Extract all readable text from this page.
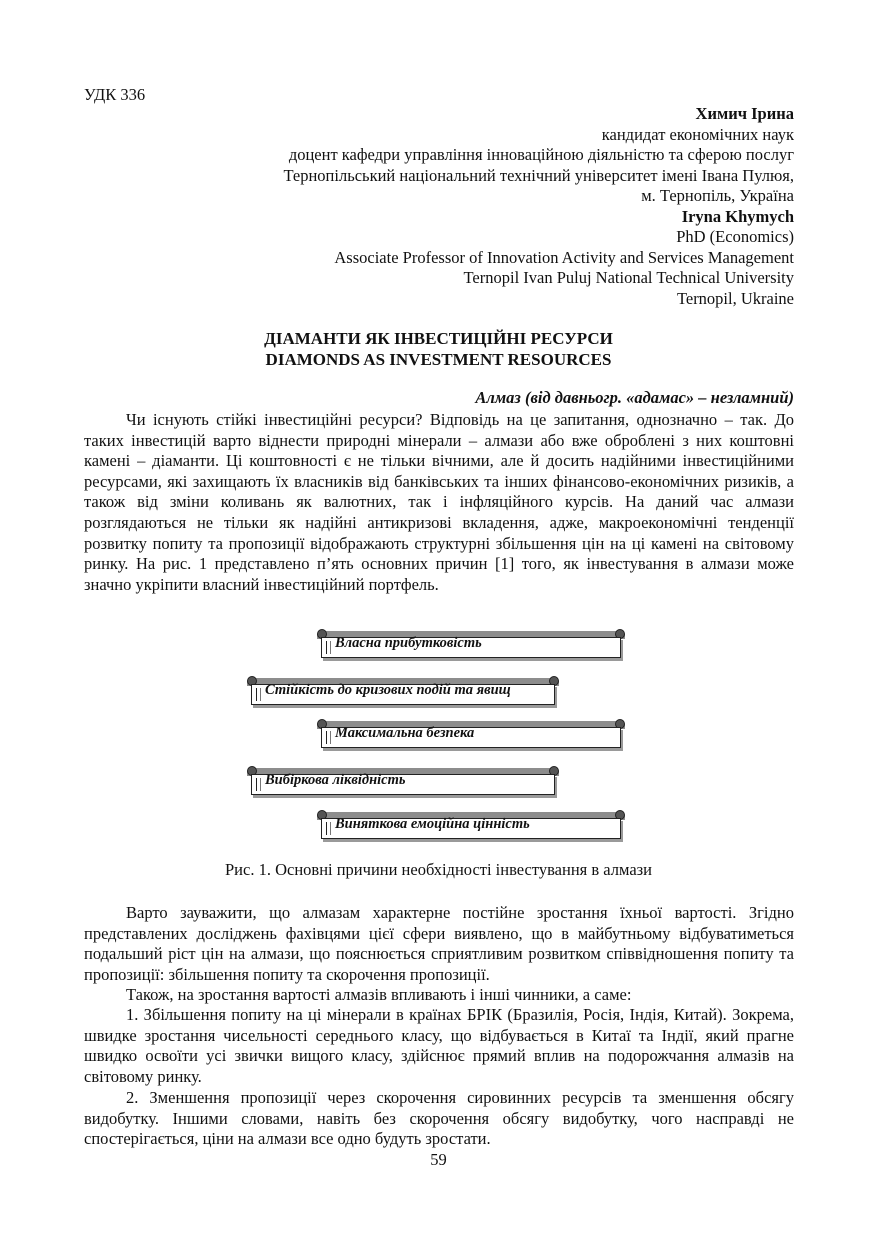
УДК 336
Химич Ірина
кандидат економічних наук
доцент кафедри управління інноваційною діяльністю та сферою послуг
Тернопільський національний технічний університет імені Івана Пулюя,
м. Тернопіль, Україна
Iryna Khymych
PhD (Economics)
Associate Professor of Innovation Activity and Services Management
Ternopil Ivan Puluj National Technical University
Ternopil, Ukraine
ДІАМАНТИ ЯК ІНВЕСТИЦІЙНІ РЕСУРСИ
DIAMONDS AS INVESTMENT RESOURCES
Алмаз (від давньогр. «адамас» – незламний)

Чи існують стійкі інвестиційні ресурси? Відповідь на це запитання, однозначно – так. До таких інвестицій варто віднести природні мінерали – алмази або вже оброблені з них коштовні камені – діаманти. Ці коштовності є не тільки вічними, але й досить надійними інвестиційними ресурсами, які захищають їх власників від банківських та інших фінансово-економічних ризиків, а також від зміни коливань як валютних, так і інфляційного курсів. На даний час алмази розглядаються не тільки як надійні антикризові вкладення, адже, макроекономічні тенденції розвитку попиту та пропозиції відображають структурні збільшення цін на ці камені на світовому ринку. На рис. 1 представлено п’ять основних причин [1] того, як інвестування в алмази може значно укріпити власний інвестиційний портфель.

Власна прибутковість
Стійкість до кризових подій та явищ
Максимальна безпека
Вибіркова ліквідність
Виняткова емоційна цінність
Рис. 1. Основні причини необхідності інвестування в алмази

Варто зауважити, що алмазам характерне постійне зростання їхньої вартості. Згідно представлених досліджень фахівцями цієї сфери виявлено, що в майбутньому відбуватиметься подальший ріст цін на алмази, що пояснюється сприятливим розвитком співвідношення попиту та пропозиції: збільшення попиту та скорочення пропозиції.

Також, на зростання вартості алмазів впливають і інші чинники, а саме:

1. Збільшення попиту на ці мінерали в країнах БРІК (Бразилія, Росія, Індія, Китай). Зокрема, швидке зростання чисельності середнього класу, що відбувається в Китаї та Індії, який прагне швидко освоїти усі звички вищого класу, здійснює прямий вплив на подорожчання алмазів на світовому ринку.

2. Зменшення пропозиції через скорочення сировинних ресурсів та зменшення обсягу видобутку. Іншими словами, навіть без скорочення обсягу видобутку, чого насправді не спостерігається, ціни на алмази все одно будуть зростати.

59
